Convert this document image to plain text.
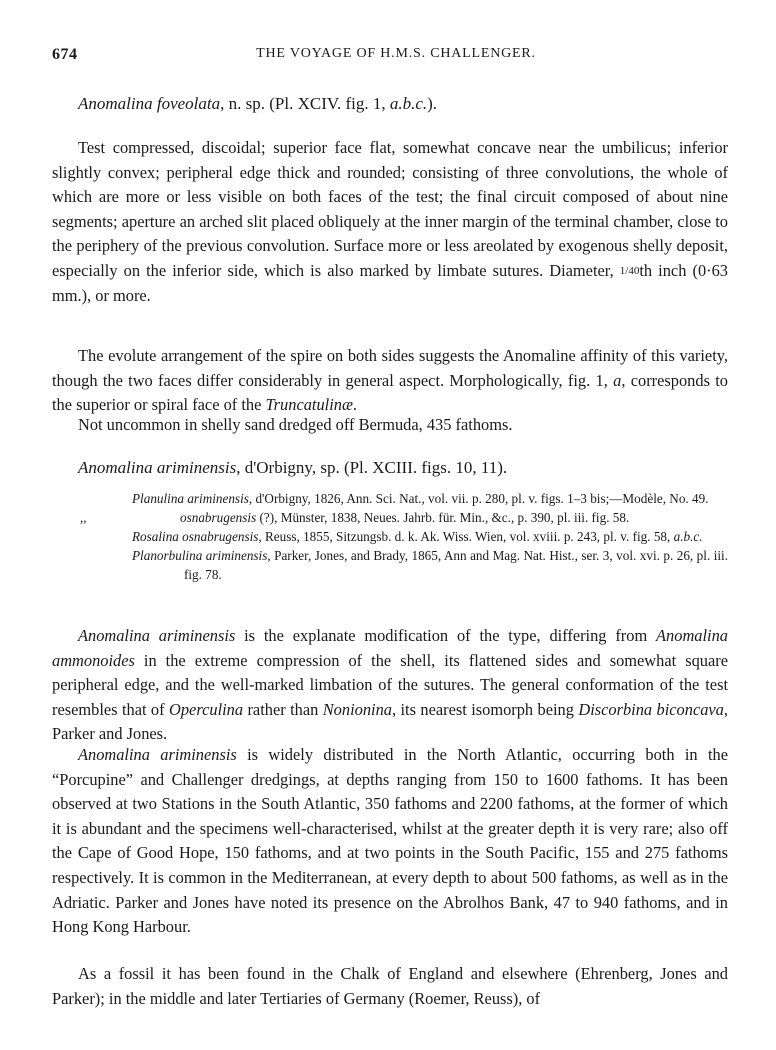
674	THE VOYAGE OF H.M.S. CHALLENGER.
Anomalina foveolata, n. sp. (Pl. XCIV. fig. 1, a.b.c.).

Test compressed, discoidal; superior face flat, somewhat concave near the umbilicus; inferior slightly convex; peripheral edge thick and rounded; consisting of three convolutions, the whole of which are more or less visible on both faces of the test; the final circuit composed of about nine segments; aperture an arched slit placed obliquely at the inner margin of the terminal chamber, close to the periphery of the previous convolution. Surface more or less areolated by exogenous shelly deposit, especially on the inferior side, which is also marked by limbate sutures. Diameter, 1/40th inch (0·63 mm.), or more.

The evolute arrangement of the spire on both sides suggests the Anomaline affinity of this variety, though the two faces differ considerably in general aspect. Morphologically, fig. 1, a, corresponds to the superior or spiral face of the Truncatulinæ.

Not uncommon in shelly sand dredged off Bermuda, 435 fathoms.

Anomalina ariminensis, d'Orbigny, sp. (Pl. XCIII. figs. 10, 11).

Planulina ariminensis, d'Orbigny, 1826, Ann. Sci. Nat., vol. vii. p. 280, pl. v. figs. 1–3 bis;—Modèle, No. 49.

,,	osnabrugensis (?), Münster, 1838, Neues. Jahrb. für. Min., &c., p. 390, pl. iii. fig. 58.

Rosalina osnabrugensis, Reuss, 1855, Sitzungsb. d. k. Ak. Wiss. Wien, vol. xviii. p. 243, pl. v. fig. 58, a.b.c.

Planorbulina ariminensis, Parker, Jones, and Brady, 1865, Ann and Mag. Nat. Hist., ser. 3, vol. xvi. p. 26, pl. iii. fig. 78.

Anomalina ariminensis is the explanate modification of the type, differing from Anomalina ammonoides in the extreme compression of the shell, its flattened sides and somewhat square peripheral edge, and the well-marked limbation of the sutures. The general conformation of the test resembles that of Operculina rather than Nonionina, its nearest isomorph being Discorbina biconcava, Parker and Jones.

Anomalina ariminensis is widely distributed in the North Atlantic, occurring both in the “Porcupine” and Challenger dredgings, at depths ranging from 150 to 1600 fathoms. It has been observed at two Stations in the South Atlantic, 350 fathoms and 2200 fathoms, at the former of which it is abundant and the specimens well-characterised, whilst at the greater depth it is very rare; also off the Cape of Good Hope, 150 fathoms, and at two points in the South Pacific, 155 and 275 fathoms respectively. It is common in the Mediterranean, at every depth to about 500 fathoms, as well as in the Adriatic. Parker and Jones have noted its presence on the Abrolhos Bank, 47 to 940 fathoms, and in Hong Kong Harbour.

As a fossil it has been found in the Chalk of England and elsewhere (Ehrenberg, Jones and Parker); in the middle and later Tertiaries of Germany (Roemer, Reuss), of
